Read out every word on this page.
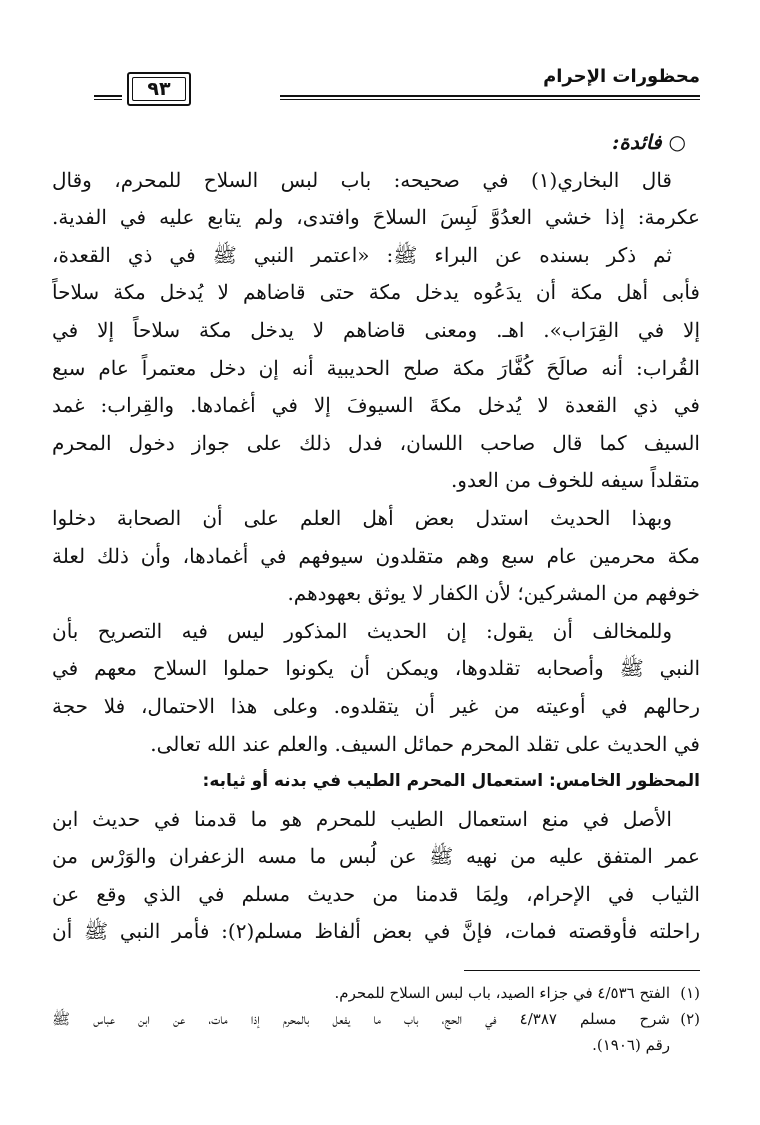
محظورات الإحرام
٩٣
○ فائدة:
قال البخاري(١) في صحيحه: باب لبس السلاح للمحرم، وقال
عكرمة: إذا خشي العدُوَّ لَبِسَ السلاحَ وافتدى، ولم يتابع عليه في الفدية.
ثم ذكر بسنده عن البراء ﷺ: «اعتمر النبي ﷺ في ذي القعدة،
فأبى أهل مكة أن يدَعُوه يدخل مكة حتى قاضاهم لا يُدخل مكة سلاحاً
إلا في القِرَاب». اهـ. ومعنى قاضاهم لا يدخل مكة سلاحاً إلا في
القُراب: أنه صالَحَ كُفَّارَ مكة صلح الحديبية أنه إن دخل معتمراً عام سبع
في ذي القعدة لا يُدخل مكةَ السيوفَ إلا في أغمادها. والقِراب: غمد
السيف كما قال صاحب اللسان، فدل ذلك على جواز دخول المحرم
متقلداً سيفه للخوف من العدو.
وبهذا الحديث استدل بعض أهل العلم على أن الصحابة دخلوا
مكة محرمين عام سبع وهم متقلدون سيوفهم في أغمادها، وأن ذلك لعلة
خوفهم من المشركين؛ لأن الكفار لا يوثق بعهودهم.
وللمخالف أن يقول: إن الحديث المذكور ليس فيه التصريح بأن
النبي ﷺ وأصحابه تقلدوها، ويمكن أن يكونوا حملوا السلاح معهم في
رحالهم في أوعيته من غير أن يتقلدوه. وعلى هذا الاحتمال، فلا حجة
في الحديث على تقلد المحرم حمائل السيف. والعلم عند الله تعالى.
المحظور الخامس: استعمال المحرم الطيب في بدنه أو ثيابه:
الأصل في منع استعمال الطيب للمحرم هو ما قدمنا في حديث ابن
عمر المتفق عليه من نهيه ﷺ عن لُبس ما مسه الزعفران والوَرْس من
الثياب في الإحرام، ولِمَا قدمنا من حديث مسلم في الذي وقع عن
راحلته فأوقصته فمات، فإنَّ في بعض ألفاظ مسلم(٢): فأمر النبي ﷺ أن
(١)
الفتح ٤/٥٣٦ في جزاء الصيد، باب لبس السلاح للمحرم.
(٢)
شرح مسلم ٤/٣٨٧ في الحج، باب ما يفعل بالمحرم إذا مات، عن ابن عباس ﷺ
رقم (١٩٠٦).
